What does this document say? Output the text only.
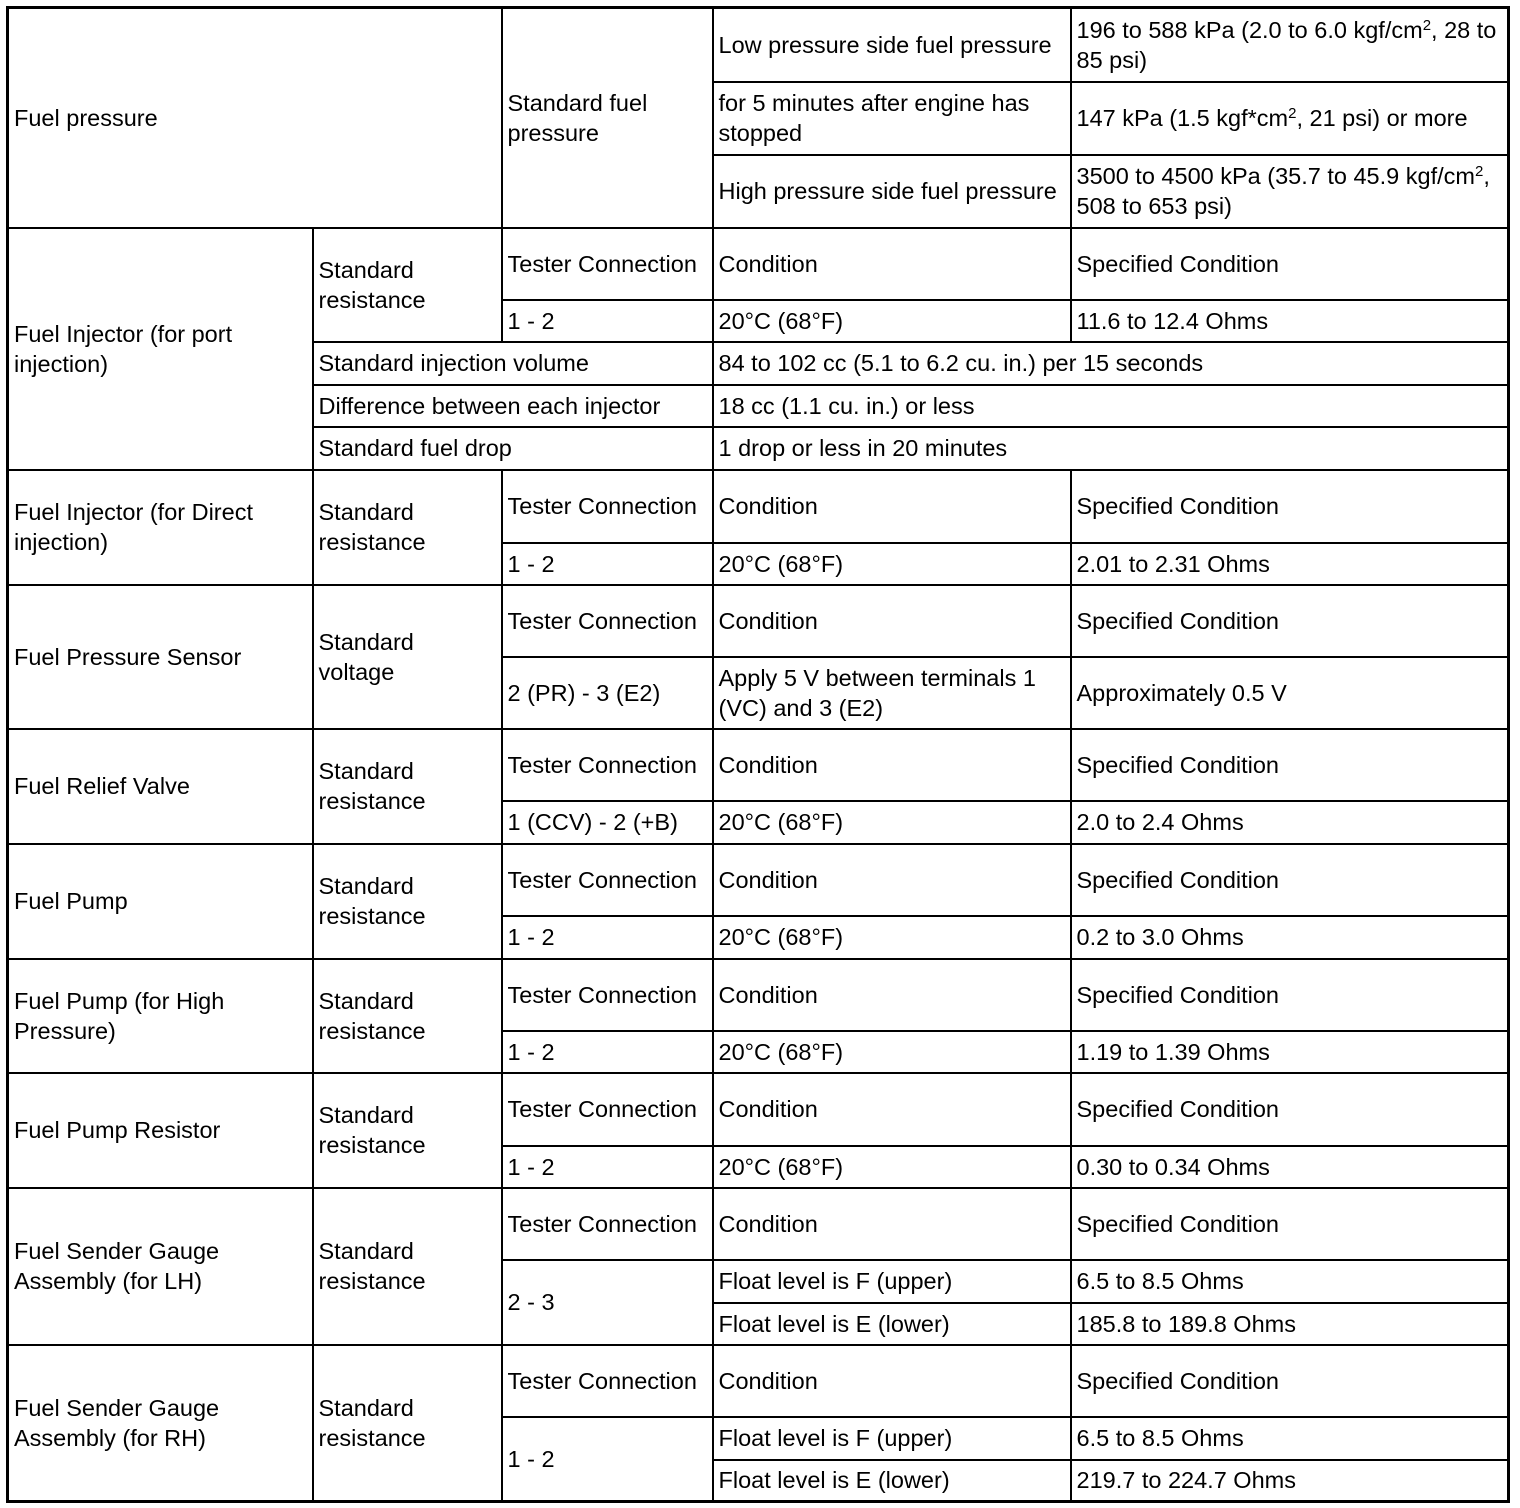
Fuel pressure		Standard fuel pressure	Low pressure side fuel pressure	196 to 588 kPa (2.0 to 6.0 kgf/$cm^2$, 28 to 85 psi)
			for 5 minutes after engine has stopped	147 kPa (1.5 $kgf*cm^2$, 21 psi) or more
			High pressure side fuel pressure	3500 to 4500 kPa (35.7 to 45.9 kgf/$cm^2$, 508 to 653 psi)
Fuel Injector (for port injection)	Standard resistance	Tester Connection	Condition	Specified Condition
		1 - 2	20°C (68°F)	11.6 to 12.4 Ohms
	Standard injection volume		84 to 102 cc (5.1 to 6.2 cu. in.) per 15 seconds	
	Difference between each injector		18 cc (1.1 cu. in.) or less	
	Standard fuel drop		1 drop or less in 20 minutes	
Fuel Injector (for Direct injection)	Standard resistance	Tester Connection	Condition	Specified Condition
		1 - 2	20°C (68°F)	2.01 to 2.31 Ohms
Fuel Pressure Sensor	Standard voltage	Tester Connection	Condition	Specified Condition
		2 (PR) - 3 (E2)	Apply 5 V between terminals 1 (VC) and 3 (E2)	Approximately 0.5 V
Fuel Relief Valve	Standard resistance	Tester Connection	Condition	Specified Condition
		1 (CCV) - 2 (+B)	20°C (68°F)	2.0 to 2.4 Ohms
Fuel Pump	Standard resistance	Tester Connection	Condition	Specified Condition
		1 - 2	20°C (68°F)	0.2 to 3.0 Ohms
Fuel Pump (for High Pressure)	Standard resistance	Tester Connection	Condition	Specified Condition
		1 - 2	20°C (68°F)	1.19 to 1.39 Ohms
Fuel Pump Resistor	Standard resistance	Tester Connection	Condition	Specified Condition
		1 - 2	20°C (68°F)	0.30 to 0.34 Ohms
Fuel Sender Gauge Assembly (for LH)	Standard resistance	Tester Connection	Condition	Specified Condition
		2 - 3	Float level is F (upper)	6.5 to 8.5 Ohms
			Float level is E (lower)	185.8 to 189.8 Ohms
Fuel Sender Gauge Assembly (for RH)	Standard resistance	Tester Connection	Condition	Specified Condition
		1 - 2	Float level is F (upper)	6.5 to 8.5 Ohms
			Float level is E (lower)	219.7 to 224.7 Ohms
